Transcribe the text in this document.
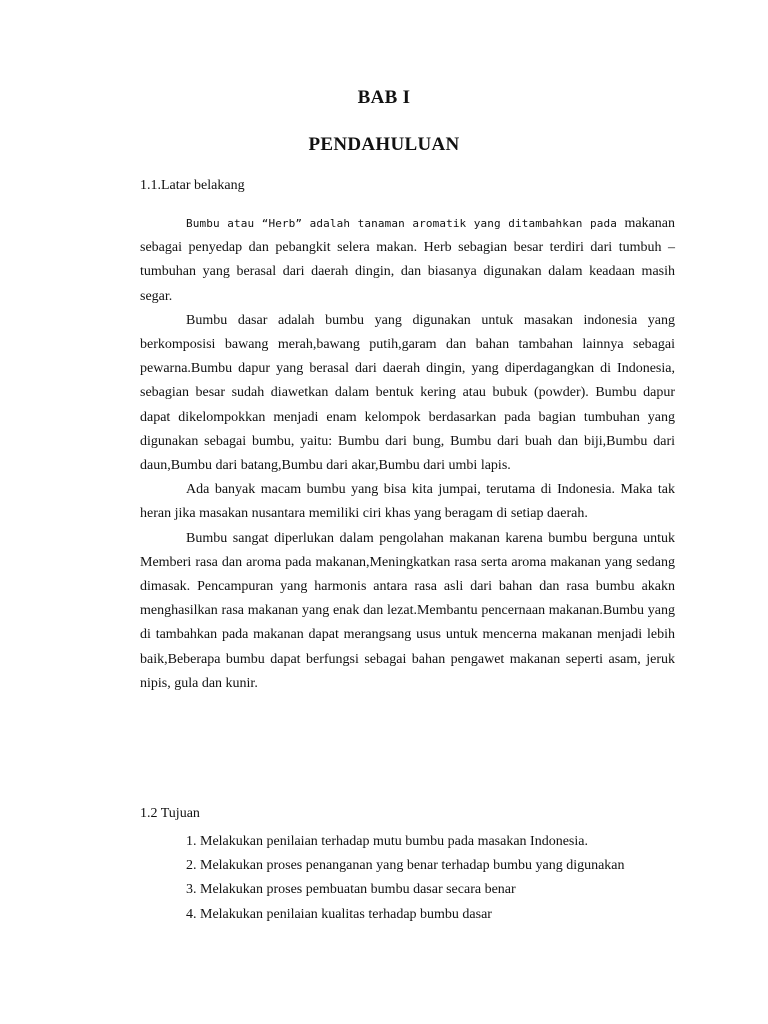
BAB I
PENDAHULUAN
1.1.Latar belakang

Bumbu atau “Herb” adalah tanaman aromatik yang ditambahkan pada makanan sebagai penyedap dan pebangkit selera makan. Herb sebagian besar terdiri dari tumbuh – tumbuhan yang berasal dari daerah dingin, dan biasanya digunakan dalam keadaan masih segar.

Bumbu dasar adalah bumbu yang digunakan untuk masakan indonesia yang berkomposisi bawang merah,bawang putih,garam dan bahan tambahan lainnya sebagai pewarna.Bumbu dapur yang berasal dari daerah dingin, yang diperdagangkan di Indonesia, sebagian besar sudah diawetkan dalam bentuk kering atau bubuk (powder). Bumbu dapur dapat dikelompokkan menjadi enam kelompok berdasarkan pada bagian tumbuhan yang digunakan sebagai bumbu, yaitu: Bumbu dari bung, Bumbu dari buah dan biji,Bumbu dari daun,Bumbu dari batang,Bumbu dari akar,Bumbu dari umbi lapis.

Ada banyak macam bumbu yang bisa kita jumpai, terutama di Indonesia. Maka tak heran jika masakan nusantara memiliki ciri khas yang beragam di setiap daerah.

Bumbu sangat diperlukan dalam pengolahan makanan karena bumbu berguna untuk Memberi rasa dan aroma pada makanan,Meningkatkan rasa serta aroma makanan yang sedang dimasak. Pencampuran yang harmonis antara rasa asli dari bahan dan rasa bumbu akakn menghasilkan rasa makanan yang enak dan lezat.Membantu pencernaan makanan.Bumbu yang di tambahkan pada makanan dapat merangsang usus untuk mencerna makanan menjadi lebih baik,Beberapa bumbu dapat berfungsi sebagai bahan pengawet makanan seperti asam, jeruk nipis, gula dan kunir.

1.2 Tujuan
1. Melakukan penilaian terhadap mutu bumbu pada masakan Indonesia.
2. Melakukan proses penanganan yang benar terhadap bumbu yang digunakan
3. Melakukan proses pembuatan bumbu dasar secara benar
4. Melakukan penilaian kualitas terhadap bumbu dasar
